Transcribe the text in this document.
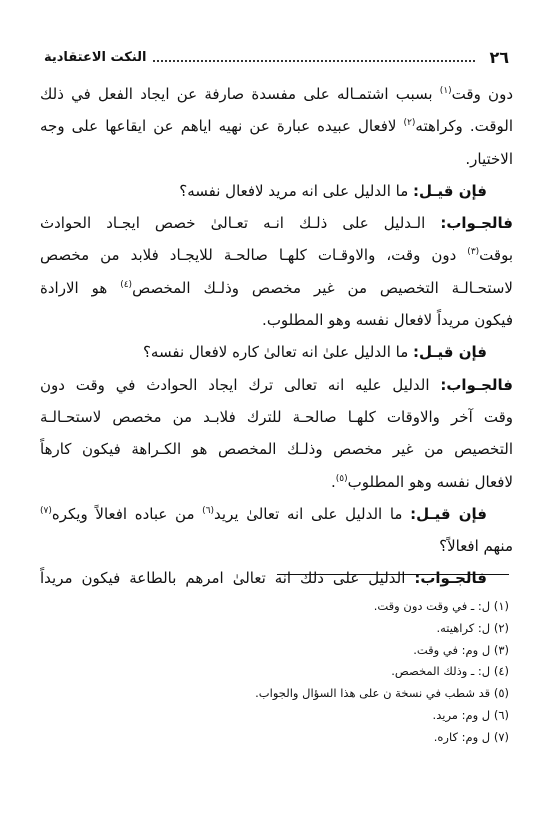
٢٦
النكت الاعتقادية
دون وقت$^{(١)}$ بسبب اشتمـاله على مفسدة صارفة عن ايجاد الفعل في ذلك
الوقت. وكراهته$^{(٢)}$ لافعال عبيده عبارة عن نهيه اياهم عن ايقاعها على وجه
الاختيار.
فإن قيـل: ما الدليل على انه مريد لافعال نفسه؟
فالجـواب: الـدليل على ذلـك انـه تعـالىٰ خصص ايجـاد الحوادث
بوقت$^{(٣)}$ دون وقت، والاوقـات كلهـا صالحـة للايجـاد فلابد من مخصص
لاستحـالـة التخصيص من غير مخصص وذلـك المخصص$^{(٤)}$ هو الارادة
فيكون مريداً لافعال نفسه وهو المطلوب.
فإن قيـل: ما الدليل علىٰ انه تعالىٰ كاره لافعال نفسه؟
فالجـواب: الدليل عليه انه تعالى ترك ايجاد الحوادث في وقت دون
وقت آخر والاوقات كلهـا صالحـة للترك فلابـد من مخصص لاستحـالـة
التخصيص من غير مخصص وذلـك المخصص هو الكـراهة فيكون كارهاً
لافعال نفسه وهو المطلوب$^{(٥)}$.
فإن قيـل: ما الدليل على انه تعالىٰ يريد$^{(٦)}$ من عباده افعالاً ويكره$^{(٧)}$
منهم افعالاً؟
فالجـواب: الدليل على ذلك انه تعالىٰ امرهم بالطاعة فيكون مريداً
(١) ل: ـ في وقت دون وقت.
(٢) ل: كراهيته.
(٣) ل وم: في وقت.
(٤) ل: ـ وذلك المخصص.
(٥) قد شطب في نسخة ن على هذا السؤال والجواب.
(٦) ل وم: مريد.
(٧) ل وم: كاره.
